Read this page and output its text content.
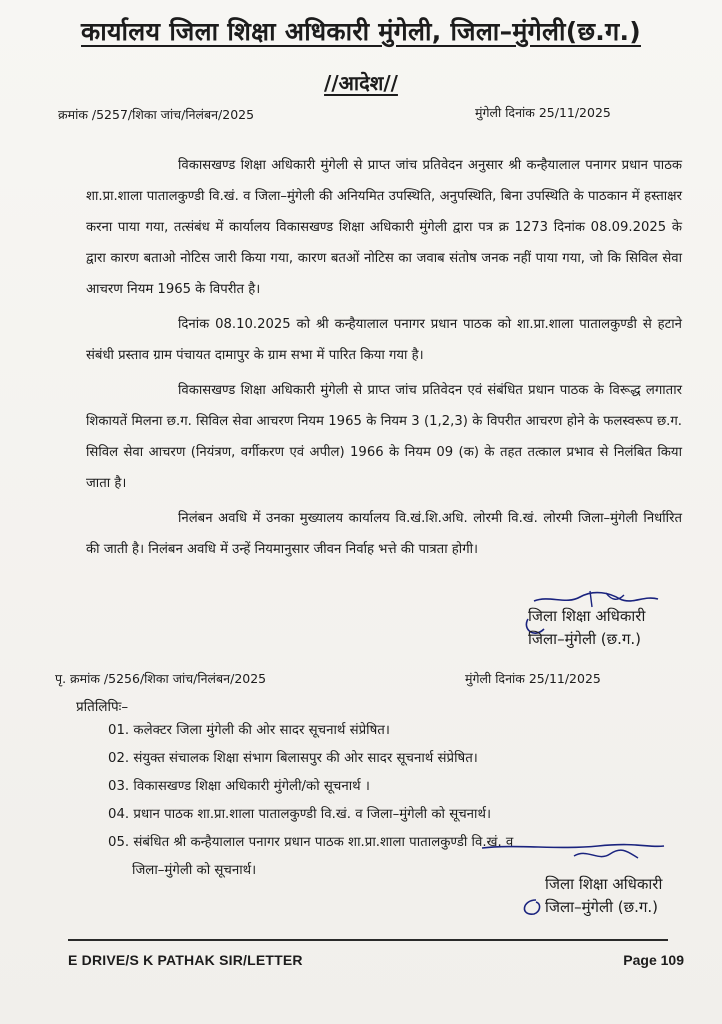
कार्यालय जिला शिक्षा अधिकारी मुंगेली, जिला–मुंगेली(छ.ग.)
//आदेश//
क्रमांक /5257/शिका जांच/निलंबन/2025	मुंगेली दिनांक 25/11/2025

विकासखण्ड शिक्षा अधिकारी मुंगेली से प्राप्त जांच प्रतिवेदन अनुसार श्री कन्हैयालाल पनागर प्रधान पाठक शा.प्रा.शाला पातालकुण्डी वि.खं. व जिला–मुंगेली की अनियमित उपस्थिति, अनुपस्थिति, बिना उपस्थिति के पाठकान में हस्ताक्षर करना पाया गया, तत्संबंध में कार्यालय विकासखण्ड शिक्षा अधिकारी मुंगेली द्वारा पत्र क्र 1273 दिनांक 08.09.2025 के द्वारा कारण बताओ नोटिस जारी किया गया, कारण बतओं नोटिस का जवाब संतोष जनक नहीं पाया गया, जो कि सिविल सेवा आचरण नियम 1965 के विपरीत है।

दिनांक 08.10.2025 को श्री कन्हैयालाल पनागर प्रधान पाठक को शा.प्रा.शाला पातालकुण्डी से हटाने संबंधी प्रस्ताव ग्राम पंचायत दामापुर के ग्राम सभा में पारित किया गया है।

विकासखण्ड शिक्षा अधिकारी मुंगेली से प्राप्त जांच प्रतिवेदन एवं संबंधित प्रधान पाठक के विरूद्ध लगातार शिकायतें मिलना छ.ग. सिविल सेवा आचरण नियम 1965 के नियम 3 (1,2,3) के विपरीत आचरण होने के फलस्वरूप छ.ग. सिविल सेवा आचरण (नियंत्रण, वर्गीकरण एवं अपील) 1966 के नियम 09 (क) के तहत तत्काल प्रभाव से निलंबित किया जाता है।

निलंबन अवधि में उनका मुख्यालय कार्यालय वि.खं.शि.अधि. लोरमी वि.खं. लोरमी जिला–मुंगेली निर्धारित की जाती है। निलंबन अवधि में उन्हें नियमानुसार जीवन निर्वाह भत्ते की पात्रता होगी।

जिला शिक्षा अधिकारी
जिला–मुंगेली (छ.ग.)
पृ. क्रमांक /5256/शिका जांच/निलंबन/2025	मुंगेली दिनांक 25/11/2025
प्रतिलिपिः–
01. कलेक्टर जिला मुंगेली की ओर सादर सूचनार्थ संप्रेषित।
02. संयुक्त संचालक शिक्षा संभाग बिलासपुर की ओर सादर सूचनार्थ संप्रेषित।
03. विकासखण्ड शिक्षा अधिकारी मुंगेली/को सूचनार्थ ।
04. प्रधान पाठक शा.प्रा.शाला पातालकुण्डी वि.खं. व जिला–मुंगेली को सूचनार्थ।
05. संबंधित श्री कन्हैयालाल पनागर प्रधान पाठक शा.प्रा.शाला पातालकुण्डी वि.खं. व
जिला–मुंगेली को सूचनार्थ।
जिला शिक्षा अधिकारी
जिला–मुंगेली (छ.ग.)
E DRIVE/S K PATHAK SIR/LETTER	Page 109
